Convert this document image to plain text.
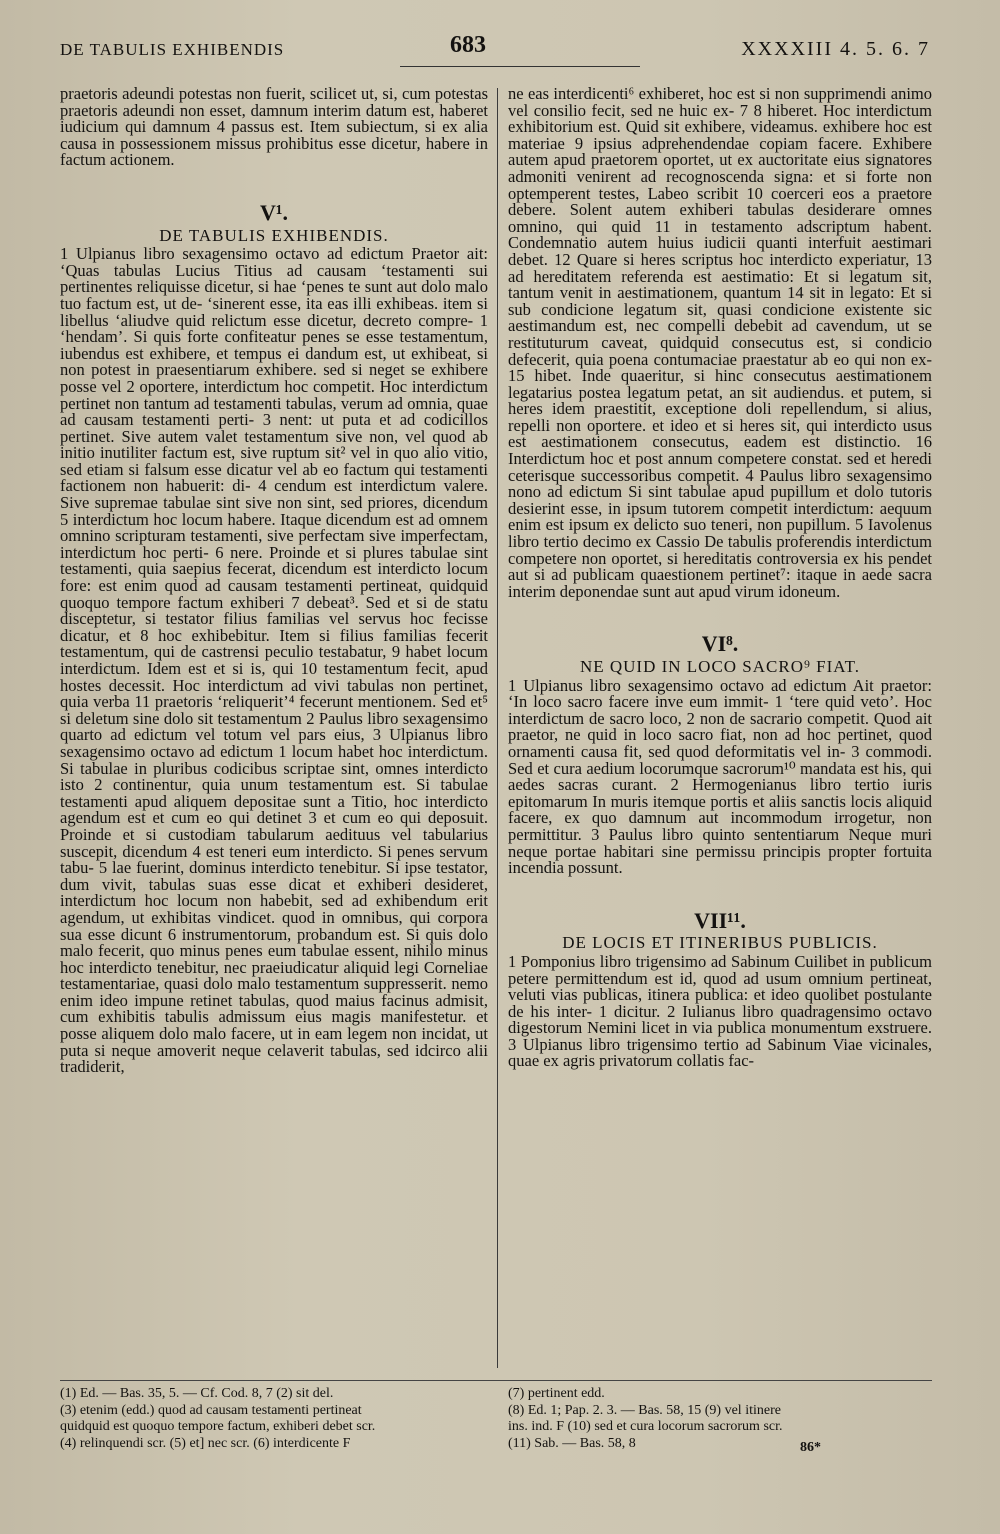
DE TABULIS EXHIBENDIS	683	XXXXIII 4. 5. 6. 7

praetoris adeundi potestas non fuerit, scilicet ut, si, cum potestas praetoris adeundi non esset, damnum interim datum est, haberet iudicium qui damnum 4 passus est. Item subiectum, si ex alia causa in possessionem missus prohibitus esse dicetur, habere in factum actionem.

V¹.
DE TABULIS EXHIBENDIS.

1 Ulpianus libro sexagensimo octavo ad edictum Praetor ait: ‘Quas tabulas Lucius Titius ad causam ‘testamenti sui pertinentes reliquisse dicetur, si hae ‘penes te sunt aut dolo malo tuo factum est, ut de- ‘sinerent esse, ita eas illi exhibeas. item si libellus ‘aliudve quid relictum esse dicetur, decreto compre- 1 ‘hendam’. Si quis forte confiteatur penes se esse testamentum, iubendus est exhibere, et tempus ei dandum est, ut exhibeat, si non potest in praesentiarum exhibere. sed si neget se exhibere posse vel 2 oportere, interdictum hoc competit. Hoc interdictum pertinet non tantum ad testamenti tabulas, verum ad omnia, quae ad causam testamenti perti- 3 nent: ut puta et ad codicillos pertinet. Sive autem valet testamentum sive non, vel quod ab initio inutiliter factum est, sive ruptum sit² vel in quo alio vitio, sed etiam si falsum esse dicatur vel ab eo factum qui testamenti factionem non habuerit: di- 4 cendum est interdictum valere. Sive supremae tabulae sint sive non sint, sed priores, dicendum 5 interdictum hoc locum habere. Itaque dicendum est ad omnem omnino scripturam testamenti, sive perfectam sive imperfectam, interdictum hoc perti- 6 nere. Proinde et si plures tabulae sint testamenti, quia saepius fecerat, dicendum est interdicto locum fore: est enim quod ad causam testamenti pertineat, quidquid quoquo tempore factum exhiberi 7 debeat³. Sed et si de statu disceptetur, si testator filius familias vel servus hoc fecisse dicatur, et 8 hoc exhibebitur. Item si filius familias fecerit testamentum, qui de castrensi peculio testabatur, 9 habet locum interdictum. Idem est et si is, qui 10 testamentum fecit, apud hostes decessit. Hoc interdictum ad vivi tabulas non pertinet, quia verba 11 praetoris ‘reliquerit’⁴ fecerunt mentionem. Sed et⁵ si deletum sine dolo sit testamentum 2 Paulus libro sexagensimo quarto ad edictum vel totum vel pars eius, 3 Ulpianus libro sexagensimo octavo ad edictum 1 locum habet hoc interdictum. Si tabulae in pluribus codicibus scriptae sint, omnes interdicto isto 2 continentur, quia unum testamentum est. Si tabulae testamenti apud aliquem depositae sunt a Titio, hoc interdicto agendum est et cum eo qui detinet 3 et cum eo qui deposuit. Proinde et si custodiam tabularum aedituus vel tabularius suscepit, dicendum 4 est teneri eum interdicto. Si penes servum tabu- 5 lae fuerint, dominus interdicto tenebitur. Si ipse testator, dum vivit, tabulas suas esse dicat et exhiberi desideret, interdictum hoc locum non habebit, sed ad exhibendum erit agendum, ut exhibitas vindicet. quod in omnibus, qui corpora sua esse dicunt 6 instrumentorum, probandum est. Si quis dolo malo fecerit, quo minus penes eum tabulae essent, nihilo minus hoc interdicto tenebitur, nec praeiudicatur aliquid legi Corneliae testamentariae, quasi dolo malo testamentum suppresserit. nemo enim ideo impune retinet tabulas, quod maius facinus admisit, cum exhibitis tabulis admissum eius magis manifestetur. et posse aliquem dolo malo facere, ut in eam legem non incidat, ut puta si neque amoverit neque celaverit tabulas, sed idcirco alii tradiderit,

ne eas interdicenti⁶ exhiberet, hoc est si non supprimendi animo vel consilio fecit, sed ne huic ex- 7 8 hiberet. Hoc interdictum exhibitorium est. Quid sit exhibere, videamus. exhibere hoc est materiae 9 ipsius adprehendendae copiam facere. Exhibere autem apud praetorem oportet, ut ex auctoritate eius signatores admoniti venirent ad recognoscenda signa: et si forte non optemperent testes, Labeo scribit 10 coerceri eos a praetore debere. Solent autem exhiberi tabulas desiderare omnes omnino, qui quid 11 in testamento adscriptum habent. Condemnatio autem huius iudicii quanti interfuit aestimari debet. 12 Quare si heres scriptus hoc interdicto experiatur, 13 ad hereditatem referenda est aestimatio: Et si legatum sit, tantum venit in aestimationem, quantum 14 sit in legato: Et si sub condicione legatum sit, quasi condicione existente sic aestimandum est, nec compelli debebit ad cavendum, ut se restituturum caveat, quidquid consecutus est, si condicio defecerit, quia poena contumaciae praestatur ab eo qui non ex- 15 hibet. Inde quaeritur, si hinc consecutus aestimationem legatarius postea legatum petat, an sit audiendus. et putem, si heres idem praestitit, exceptione doli repellendum, si alius, repelli non oportere. et ideo et si heres sit, qui interdicto usus est aestimationem consecutus, eadem est distinctio. 16 Interdictum hoc et post annum competere constat. sed et heredi ceterisque successoribus competit. 4 Paulus libro sexagensimo nono ad edictum Si sint tabulae apud pupillum et dolo tutoris desierint esse, in ipsum tutorem competit interdictum: aequum enim est ipsum ex delicto suo teneri, non pupillum. 5 Iavolenus libro tertio decimo ex Cassio De tabulis proferendis interdictum competere non oportet, si hereditatis controversia ex his pendet aut si ad publicam quaestionem pertinet⁷: itaque in aede sacra interim deponendae sunt aut apud virum idoneum.

VI⁸.
NE QUID IN LOCO SACRO⁹ FIAT.

1 Ulpianus libro sexagensimo octavo ad edictum Ait praetor: ‘In loco sacro facere inve eum immit- 1 ‘tere quid veto’. Hoc interdictum de sacro loco, 2 non de sacrario competit. Quod ait praetor, ne quid in loco sacro fiat, non ad hoc pertinet, quod ornamenti causa fit, sed quod deformitatis vel in- 3 commodi. Sed et cura aedium locorumque sacrorum¹⁰ mandata est his, qui aedes sacras curant. 2 Hermogenianus libro tertio iuris epitomarum In muris itemque portis et aliis sanctis locis aliquid facere, ex quo damnum aut incommodum irrogetur, non permittitur. 3 Paulus libro quinto sententiarum Neque muri neque portae habitari sine permissu principis propter fortuita incendia possunt.

VII¹¹.
DE LOCIS ET ITINERIBUS PUBLICIS.

1 Pomponius libro trigensimo ad Sabinum Cuilibet in publicum petere permittendum est id, quod ad usum omnium pertineat, veluti vias publicas, itinera publica: et ideo quolibet postulante de his inter- 1 dicitur. 2 Iulianus libro quadragensimo octavo digestorum Nemini licet in via publica monumentum exstruere. 3 Ulpianus libro trigensimo tertio ad Sabinum Viae vicinales, quae ex agris privatorum collatis fac-

(1) Ed. — Bas. 35, 5. — Cf. Cod. 8, 7 (2) sit del.

(3) etenim (edd.) quod ad causam testamenti pertineat

quidquid est quoquo tempore factum, exhiberi debet scr.

(4) relinquendi scr. (5) et] nec scr. (6) interdicente F

(7) pertinent edd.

(8) Ed. 1; Pap. 2. 3. — Bas. 58, 15 (9) vel itinere

ins. ind. F (10) sed et cura locorum sacrorum scr.

(11) Sab. — Bas. 58, 8	86*
